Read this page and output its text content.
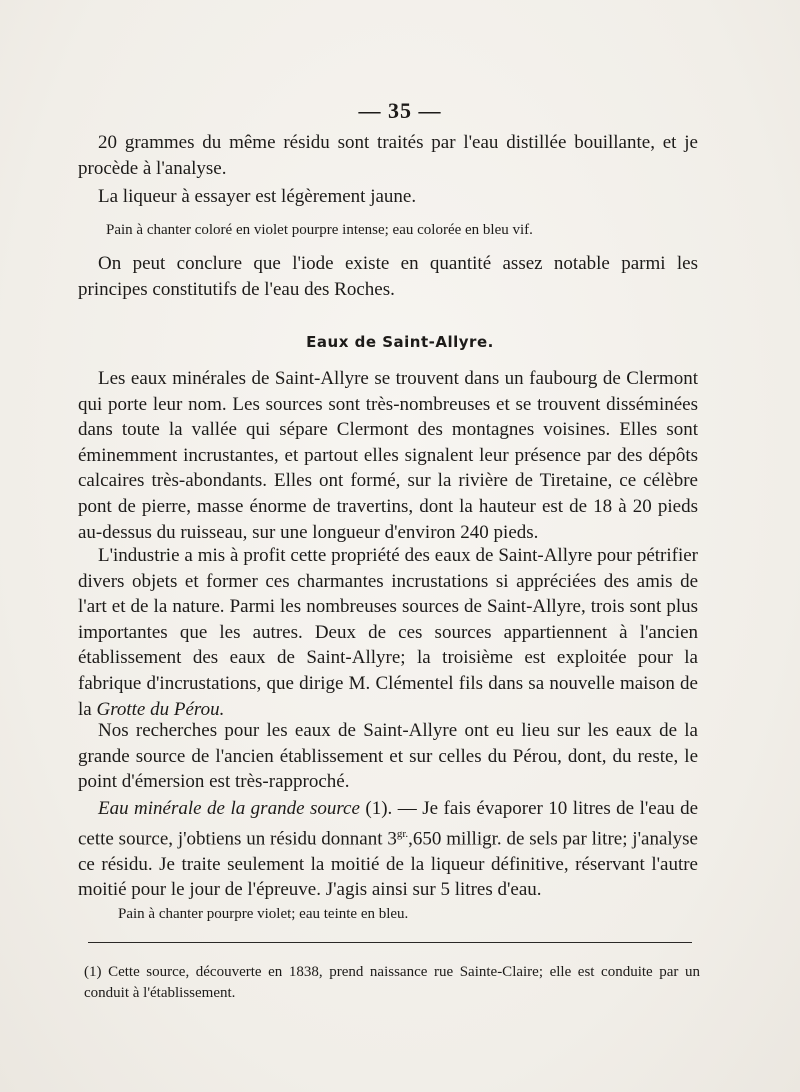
— 35 —

20 grammes du même résidu sont traités par l'eau distillée bouillante, et je procède à l'analyse.

La liqueur à essayer est légèrement jaune.

Pain à chanter coloré en violet pourpre intense; eau colorée en bleu vif.

On peut conclure que l'iode existe en quantité assez notable parmi les principes constitutifs de l'eau des Roches.

Eaux de Saint-Allyre.

Les eaux minérales de Saint-Allyre se trouvent dans un faubourg de Clermont qui porte leur nom. Les sources sont très-nombreuses et se trouvent disséminées dans toute la vallée qui sépare Clermont des montagnes voisines. Elles sont éminemment incrustantes, et partout elles signalent leur présence par des dépôts calcaires très-abondants. Elles ont formé, sur la rivière de Tiretaine, ce célèbre pont de pierre, masse énorme de travertins, dont la hauteur est de 18 à 20 pieds au-dessus du ruisseau, sur une longueur d'environ 240 pieds.

L'industrie a mis à profit cette propriété des eaux de Saint-Allyre pour pétrifier divers objets et former ces charmantes incrustations si appréciées des amis de l'art et de la nature. Parmi les nombreuses sources de Saint-Allyre, trois sont plus importantes que les autres. Deux de ces sources appartiennent à l'ancien établissement des eaux de Saint-Allyre; la troisième est exploitée pour la fabrique d'incrustations, que dirige M. Clémentel fils dans sa nouvelle maison de la Grotte du Pérou.

Nos recherches pour les eaux de Saint-Allyre ont eu lieu sur les eaux de la grande source de l'ancien établissement et sur celles du Pérou, dont, du reste, le point d'émersion est très-rapproché.

Eau minérale de la grande source (1). — Je fais évaporer 10 litres de l'eau de cette source, j'obtiens un résidu donnant $3^{gr.},650$ milligr. de sels par litre; j'analyse ce résidu. Je traite seulement la moitié de la liqueur définitive, réservant l'autre moitié pour le jour de l'épreuve. J'agis ainsi sur 5 litres d'eau.

Pain à chanter pourpre violet; eau teinte en bleu.

(1) Cette source, découverte en 1838, prend naissance rue Sainte-Claire; elle est conduite par un conduit à l'établissement.
